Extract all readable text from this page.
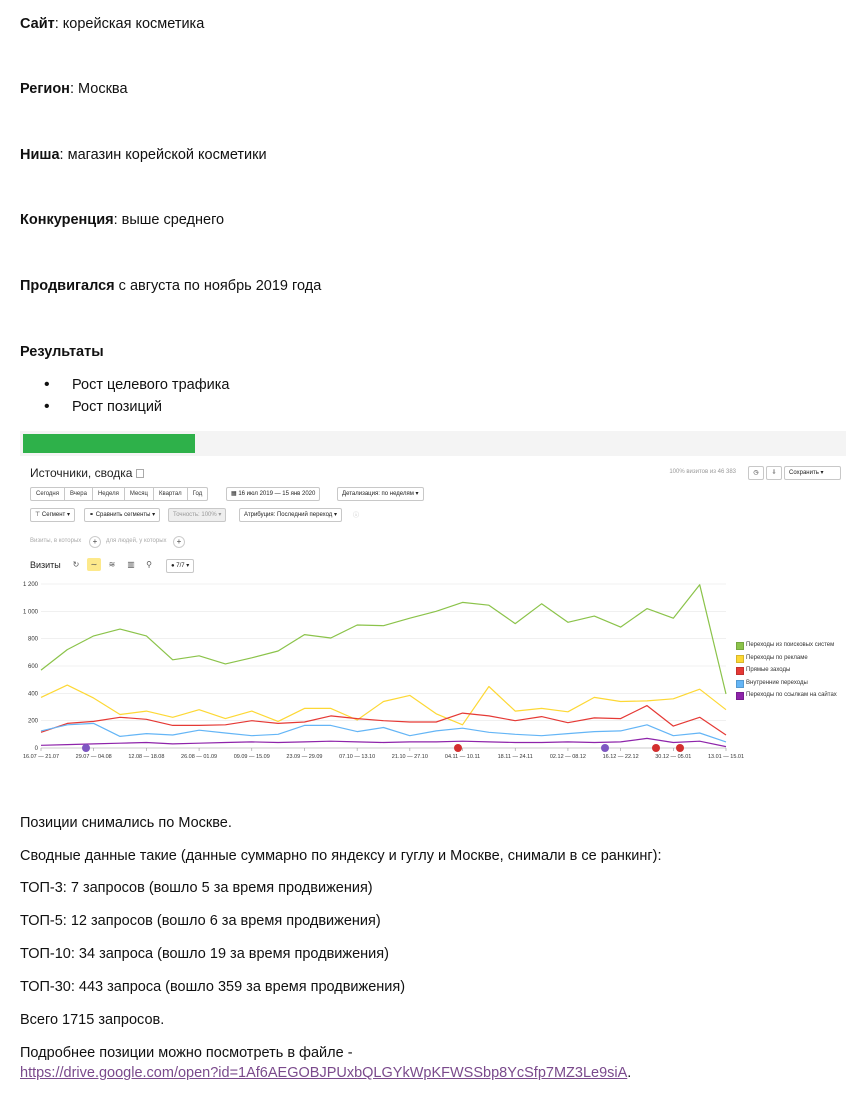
Сайт: корейская косметика
Регион: Москва
Ниша: магазин корейской косметики
Конкуренция: выше среднего
Продвигался с августа по ноябрь 2019 года
Результаты
• Рост целевого трафика
• Рост позиций
Источники, сводка	100% визитов из 46 383	◷	⇩	Сохранить ▾
Сегодня	Вчера	Неделя	Месяц	Квартал	Год	▦ 16 июл 2019 — 15 янв 2020	Детализация: по неделям ▾
⊤ Сегмент ▾	⚭ Сравнить сегменты ▾	Точность: 100% ▾	Атрибуция: Последний переход ▾	ⓘ
Визиты, в которых	+	для людей, у которых	+
Визиты	↻	∼	≋	▥	⚲	● 7/7 ▾
0
200
400
600
800
1 000
1 200
16.07 — 21.07	29.07 — 04.08	12.08 — 18.08	26.08 — 01.09	09.09 — 15.09	23.09 — 29.09	07.10 — 13.10	21.10 — 27.10	04.11 — 10.11	18.11 — 24.11	02.12 — 08.12	16.12 — 22.12	30.12 — 05.01	13.01 — 15.01
Переходы из поисковых систем
Переходы по рекламе
Прямые заходы
Внутренние переходы
Переходы по ссылкам на сайтах
Позиции снимались по Москве.
Сводные данные такие (данные суммарно по яндексу и гуглу и Москве, снимали в се ранкинг):
ТОП-3: 7 запросов (вошло 5 за время продвижения)
ТОП-5: 12 запросов (вошло 6 за время продвижения)
ТОП-10: 34 запроса (вошло 19 за время продвижения)
ТОП-30: 443 запроса (вошло 359 за время продвижения)
Всего 1715 запросов.
Подробнее позиции можно посмотреть в файле -
https://drive.google.com/open?id=1Af6AEGOBJPUxbQLGYkWpKFWSSbp8YcSfp7MZ3Le9siA.
